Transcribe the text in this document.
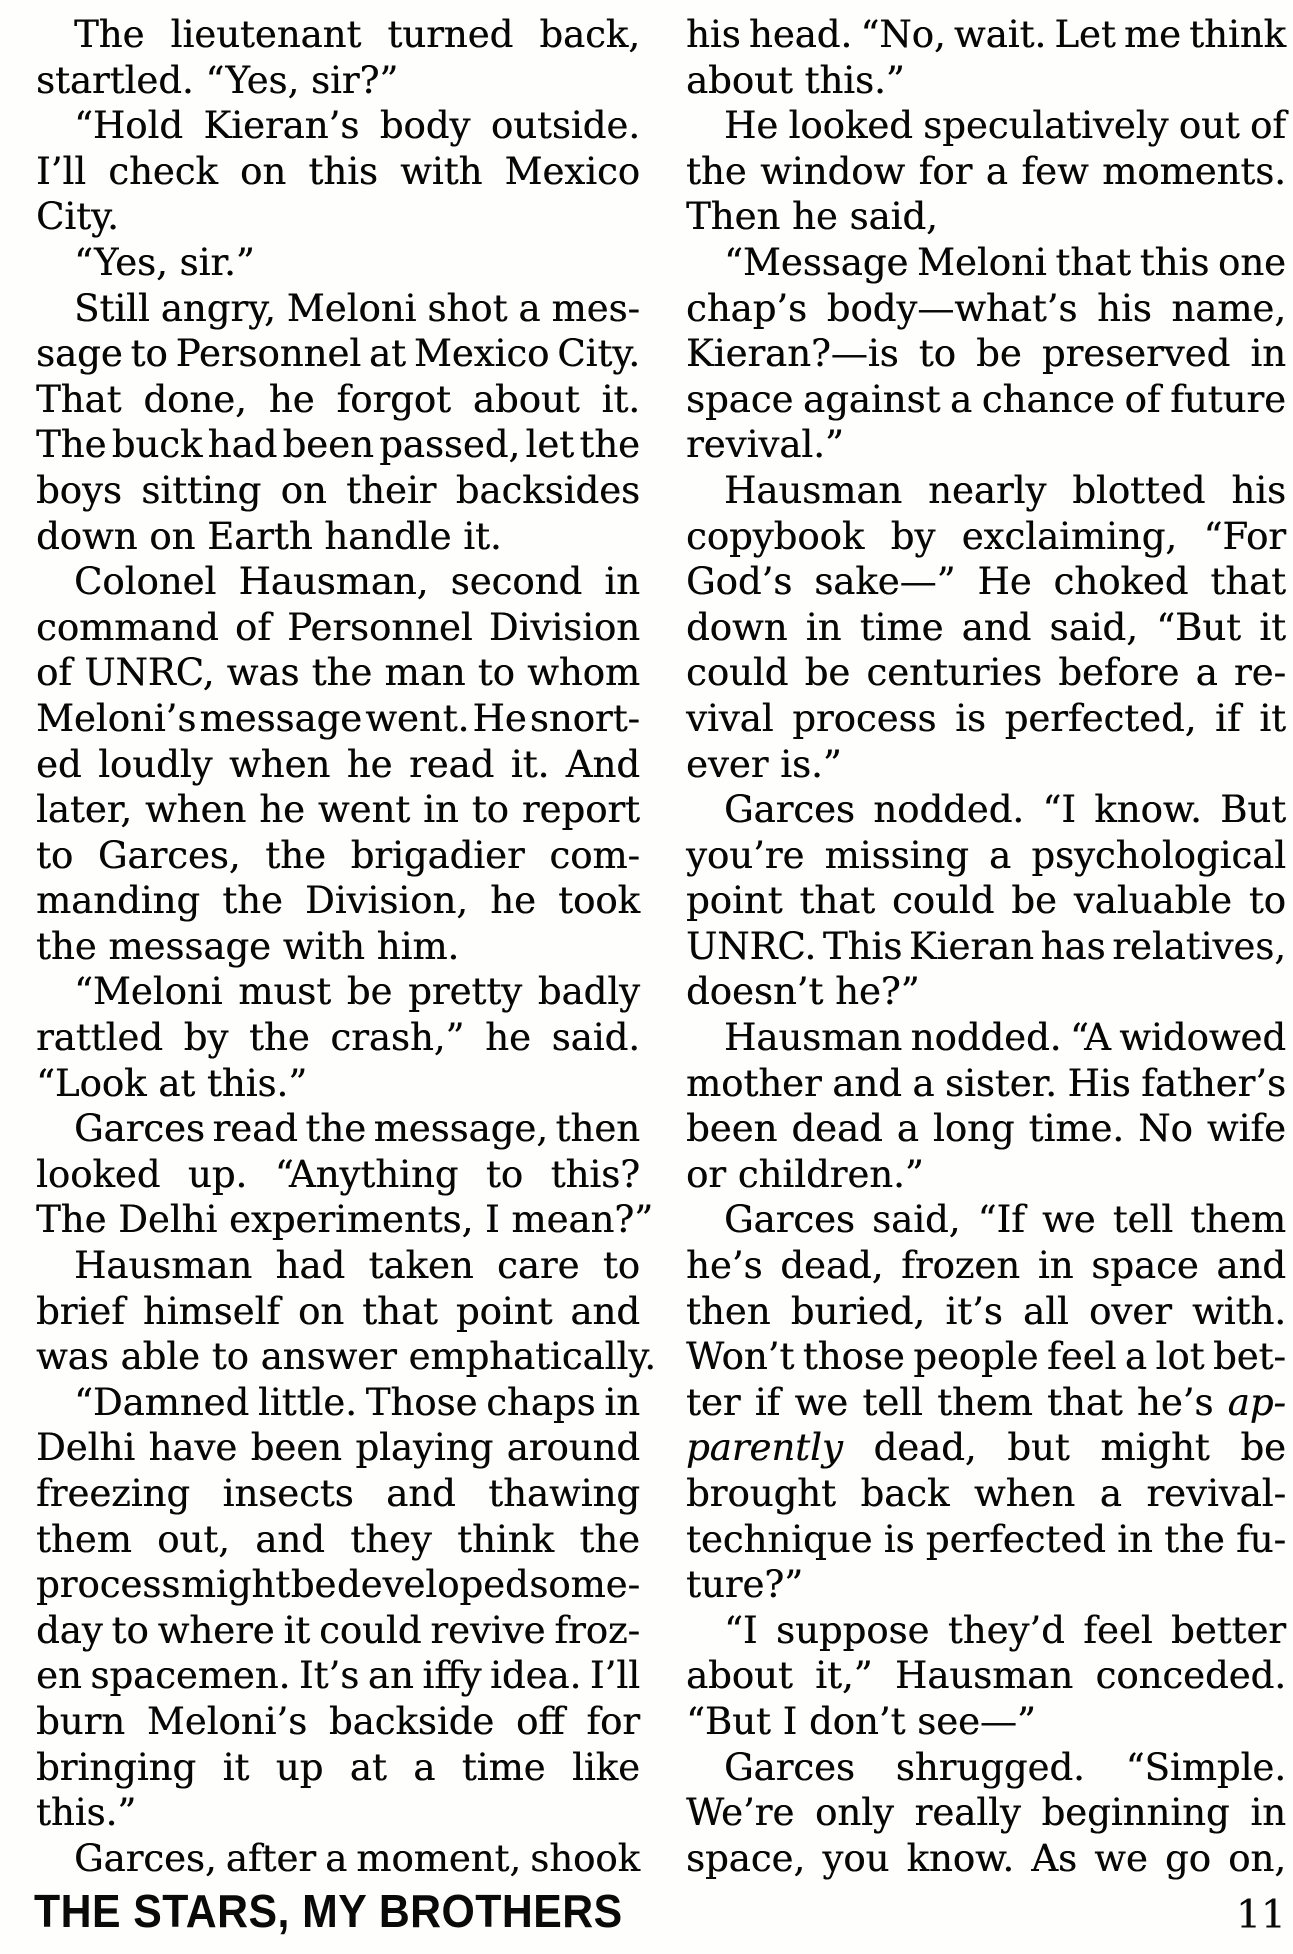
The lieutenant turned back,
startled. “Yes, sir?”
“Hold Kieran’s body outside.
I’ll check on this with Mexico
City.
“Yes, sir.”
Still angry, Meloni shot a mes-
sage to Personnel at Mexico City.
That done, he forgot about it.
The buck had been passed, let the
boys sitting on their backsides
down on Earth handle it.
Colonel Hausman, second in
command of Personnel Division
of UNRC, was the man to whom
Meloni’s message went. He snort-
ed loudly when he read it. And
later, when he went in to report
to Garces, the brigadier com-
manding the Division, he took
the message with him.
“Meloni must be pretty badly
rattled by the crash,” he said.
“Look at this.”
Garces read the message, then
looked up. “Anything to this?
The Delhi experiments, I mean?”
Hausman had taken care to
brief himself on that point and
was able to answer emphatically.
“Damned little. Those chaps in
Delhi have been playing around
freezing insects and thawing
them out, and they think the
process might be developed some-
day to where it could revive froz-
en spacemen. It’s an iffy idea. I’ll
burn Meloni’s backside off for
bringing it up at a time like
this.”
Garces, after a moment, shook
his head. “No, wait. Let me think
about this.”
He looked speculatively out of
the window for a few moments.
Then he said,
“Message Meloni that this one
chap’s body—what’s his name,
Kieran?—is to be preserved in
space against a chance of future
revival.”
Hausman nearly blotted his
copybook by exclaiming, “For
God’s sake—” He choked that
down in time and said, “But it
could be centuries before a re-
vival process is perfected, if it
ever is.”
Garces nodded. “I know. But
you’re missing a psychological
point that could be valuable to
UNRC. This Kieran has relatives,
doesn’t he?”
Hausman nodded. “A widowed
mother and a sister. His father’s
been dead a long time. No wife
or children.”
Garces said, “If we tell them
he’s dead, frozen in space and
then buried, it’s all over with.
Won’t those people feel a lot bet-
ter if we tell them that he’s ap-
parently dead, but might be
brought back when a revival-
technique is perfected in the fu-
ture?”
“I suppose they’d feel better
about it,” Hausman conceded.
“But I don’t see—”
Garces shrugged. “Simple.
We’re only really beginning in
space, you know. As we go on,
THE STARS, MY BROTHERS	11
